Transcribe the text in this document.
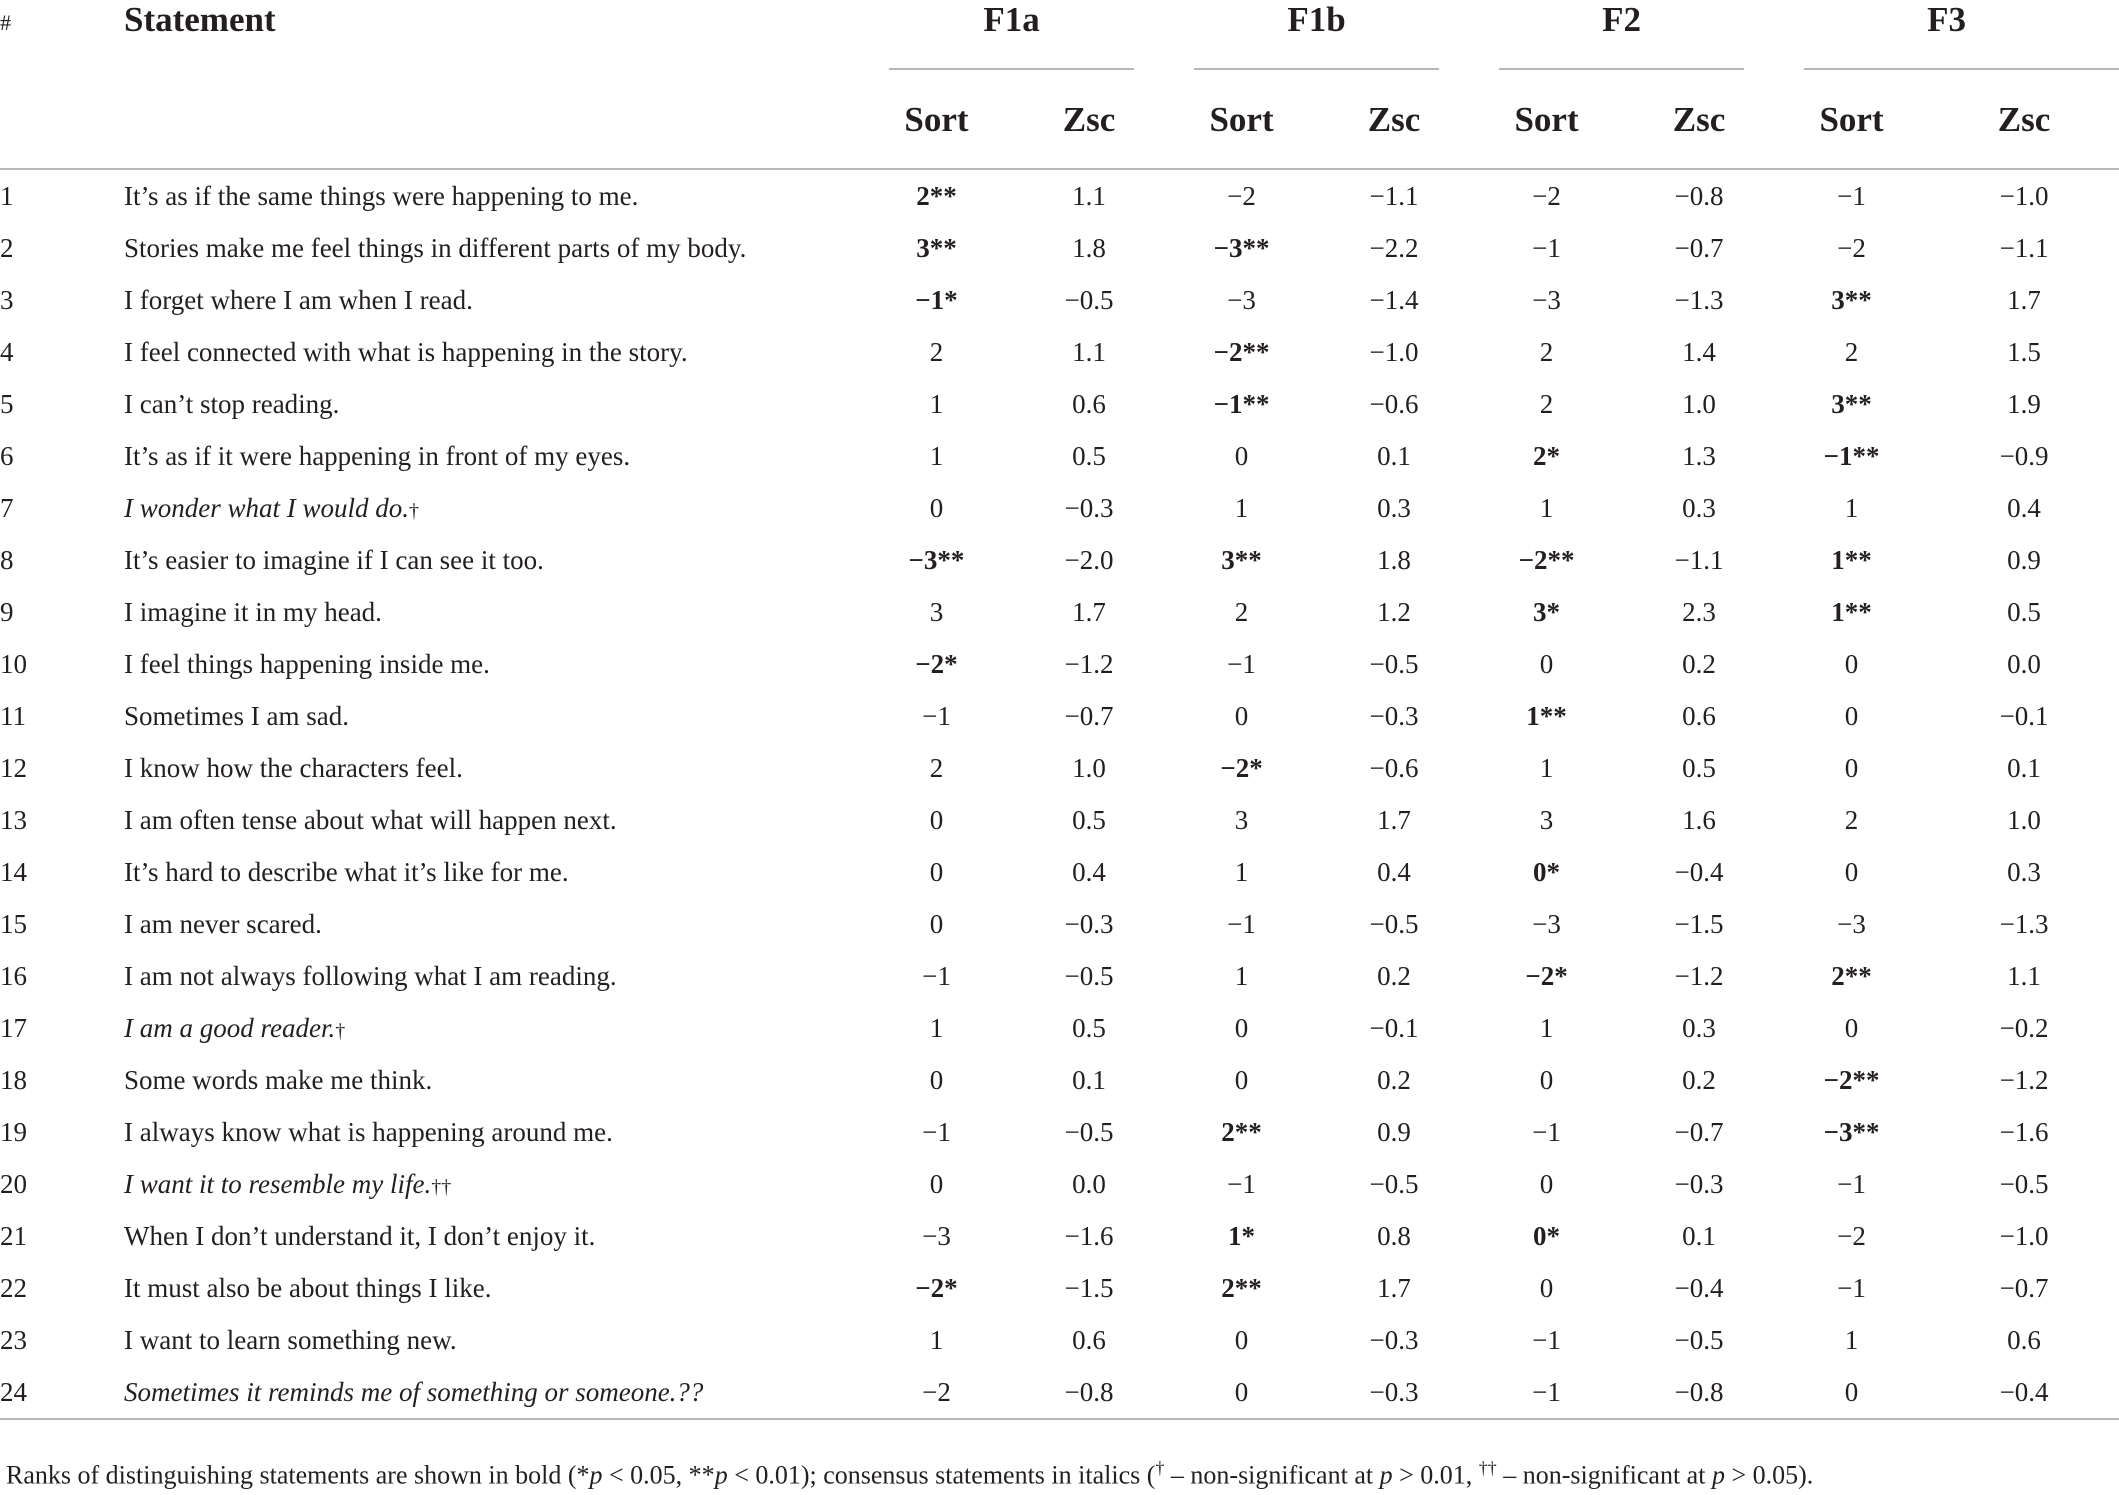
#	Statement	F1a		F1b		F2		F3	

		Sort	Zsc	Sort	Zsc	Sort	Zsc	Sort	Zsc
1	It’s as if the same things were happening to me.	2**	1.1	−2	−1.1	−2	−0.8	−1	−1.0
2	Stories make me feel things in different parts of my body.	3**	1.8	−3**	−2.2	−1	−0.7	−2	−1.1
3	I forget where I am when I read.	−1*	−0.5	−3	−1.4	−3	−1.3	3**	1.7
4	I feel connected with what is happening in the story.	2	1.1	−2**	−1.0	2	1.4	2	1.5
5	I can’t stop reading.	1	0.6	−1**	−0.6	2	1.0	3**	1.9
6	It’s as if it were happening in front of my eyes.	1	0.5	0	0.1	2*	1.3	−1**	−0.9
7	I wonder what I would do.†	0	−0.3	1	0.3	1	0.3	1	0.4
8	It’s easier to imagine if I can see it too.	−3**	−2.0	3**	1.8	−2**	−1.1	1**	0.9
9	I imagine it in my head.	3	1.7	2	1.2	3*	2.3	1**	0.5
10	I feel things happening inside me.	−2*	−1.2	−1	−0.5	0	0.2	0	0.0
11	Sometimes I am sad.	−1	−0.7	0	−0.3	1**	0.6	0	−0.1
12	I know how the characters feel.	2	1.0	−2*	−0.6	1	0.5	0	0.1
13	I am often tense about what will happen next.	0	0.5	3	1.7	3	1.6	2	1.0
14	It’s hard to describe what it’s like for me.	0	0.4	1	0.4	0*	−0.4	0	0.3
15	I am never scared.	0	−0.3	−1	−0.5	−3	−1.5	−3	−1.3
16	I am not always following what I am reading.	−1	−0.5	1	0.2	−2*	−1.2	2**	1.1
17	I am a good reader.†	1	0.5	0	−0.1	1	0.3	0	−0.2
18	Some words make me think.	0	0.1	0	0.2	0	0.2	−2**	−1.2
19	I always know what is happening around me.	−1	−0.5	2**	0.9	−1	−0.7	−3**	−1.6
20	I want it to resemble my life.††	0	0.0	−1	−0.5	0	−0.3	−1	−0.5
21	When I don’t understand it, I don’t enjoy it.	−3	−1.6	1*	0.8	0*	0.1	−2	−1.0
22	It must also be about things I like.	−2*	−1.5	2**	1.7	0	−0.4	−1	−0.7
23	I want to learn something new.	1	0.6	0	−0.3	−1	−0.5	1	0.6
24	Sometimes it reminds me of something or someone.??	−2	−0.8	0	−0.3	−1	−0.8	0	−0.4
Ranks of distinguishing statements are shown in bold (*p < 0.05, **p < 0.01); consensus statements in italics († – non-significant at p > 0.01, †† – non-significant at p > 0.05).
